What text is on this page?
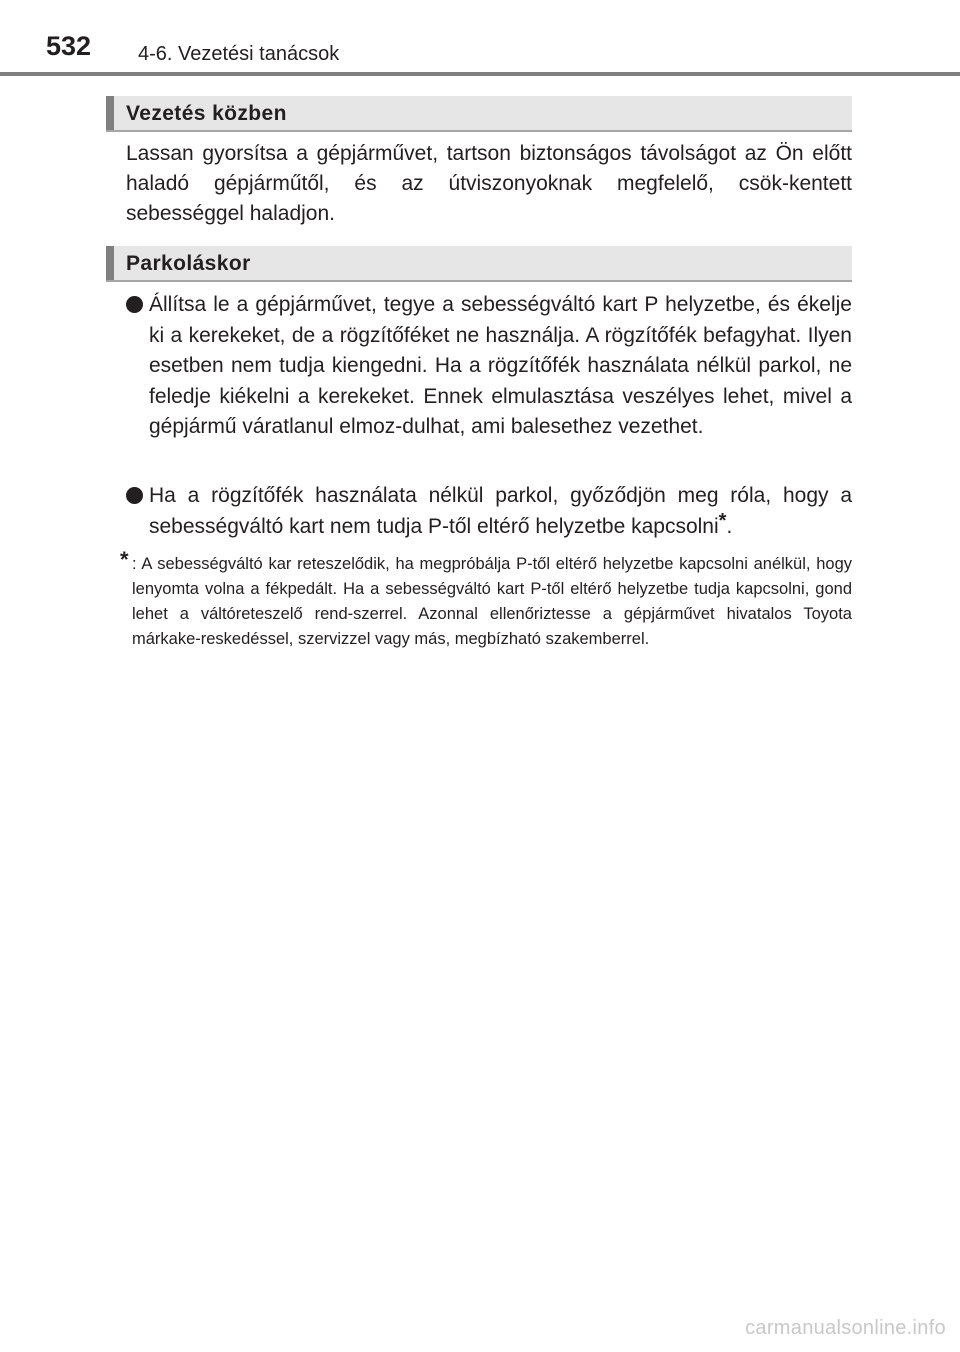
532 4-6. Vezetési tanácsok
Vezetés közben
Lassan gyorsítsa a gépjárművet, tartson biztonságos távolságot az Ön előtt haladó gépjárműtől, és az útviszonyoknak megfelelő, csök-kentett sebességgel haladjon.
Parkoláskor
Állítsa le a gépjárművet, tegye a sebességváltó kart P helyzetbe, és ékelje ki a kerekeket, de a rögzítőféket ne használja. A rögzítőfék befagyhat. Ilyen esetben nem tudja kiengedni. Ha a rögzítőfék használata nélkül parkol, ne feledje kiékelni a kerekeket. Ennek elmulasztása veszélyes lehet, mivel a gépjármű váratlanul elmoz-dulhat, ami balesethez vezethet.
Ha a rögzítőfék használata nélkül parkol, győződjön meg róla, hogy a sebességváltó kart nem tudja P-től eltérő helyzetbe kapcsolni*.
* : A sebességváltó kar reteszelődik, ha megpróbálja P-től eltérő helyzetbe kapcsolni anélkül, hogy lenyomta volna a fékpedált. Ha a sebességváltó kart P-től eltérő helyzetbe tudja kapcsolni, gond lehet a váltóreteszelő rend-szerrel. Azonnal ellenőriztesse a gépjárművet hivatalos Toyota márkake-reskedéssel, szervizzel vagy más, megbízható szakemberrel.
carmanualsonline.info
